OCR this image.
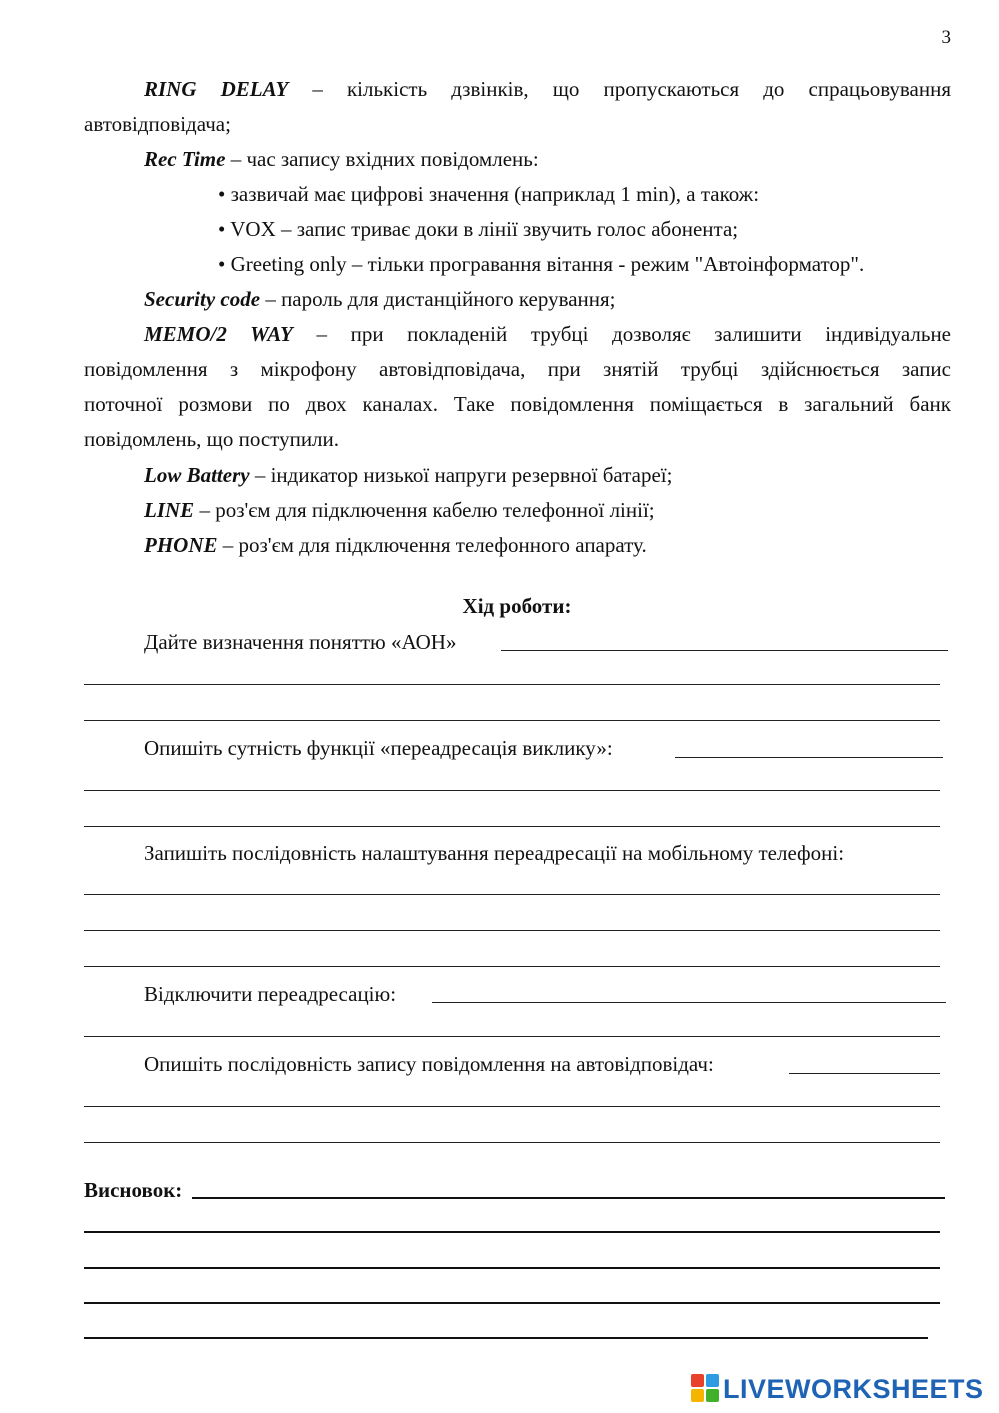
3
RING DELAY – кількість дзвінків, що пропускаються до спрацьовування
автовідповідача;
Rec Time – час запису вхідних повідомлень:
• зазвичай має цифрові значення (наприклад 1 min), а також:
• VOX – запис триває доки в лінії звучить голос абонента;
• Greeting only – тільки програвання вітання - режим "Автоінформатор".
Security code – пароль для дистанційного керування;
MEMO/2 WAY – при покладеній трубці дозволяє залишити індивідуальне
повідомлення з мікрофону автовідповідача, при знятій трубці здійснюється запис
поточної розмови по двох каналах. Таке повідомлення поміщається в загальний банк
повідомлень, що поступили.
Low Battery – індикатор низької напруги резервної батареї;
LINE – роз'єм для підключення кабелю телефонної лінії;
PHONE – роз'єм для підключення телефонного апарату.
Хід роботи:
Дайте визначення поняттю «АОН»
Опишіть сутність функції «переадресація виклику»:
Запишіть послідовність налаштування переадресації на мобільному телефоні:
Відключити переадресацію:
Опишіть послідовність запису повідомлення на автовідповідач:
Висновок:
LIVEWORKSHEETS
